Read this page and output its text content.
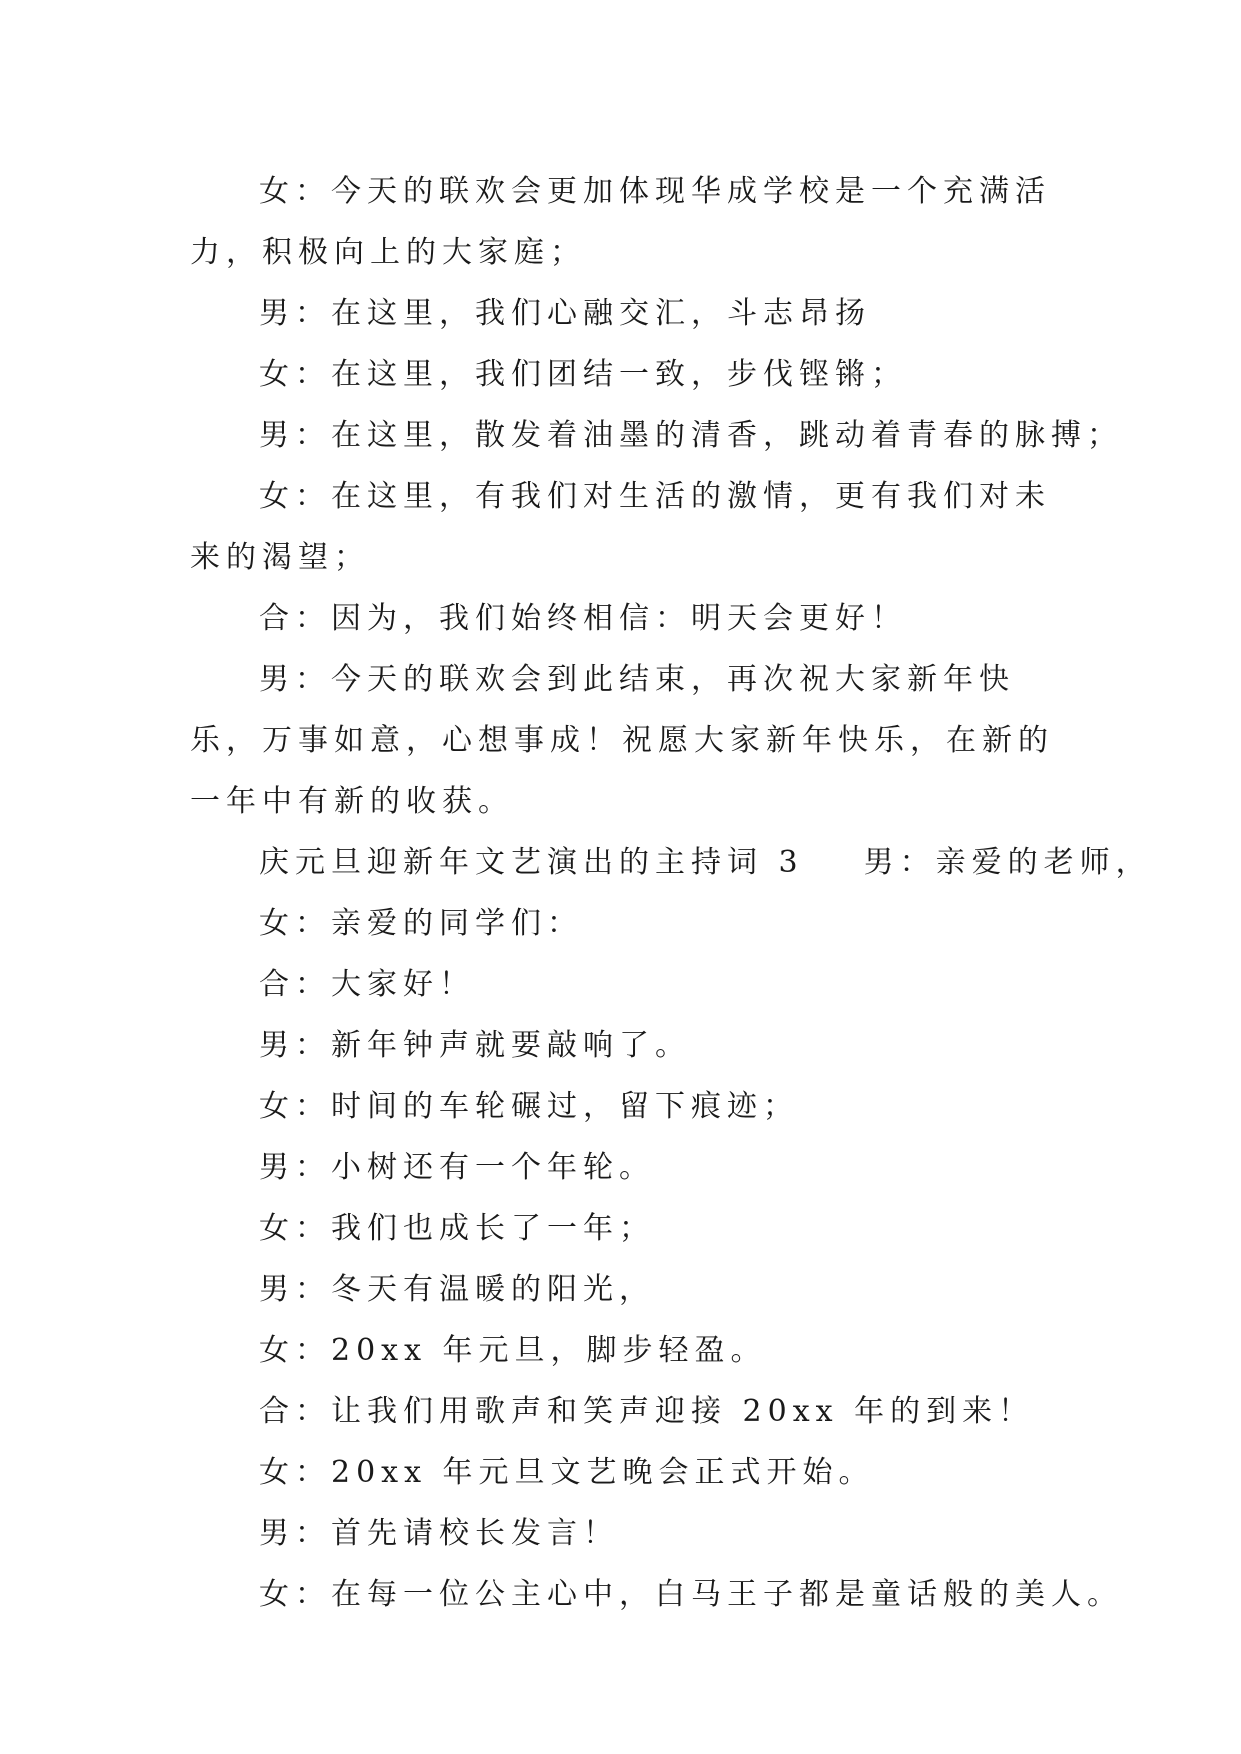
女：今天的联欢会更加体现华成学校是一个充满活力，积极向上的大家庭；

男：在这里，我们心融交汇，斗志昂扬

女：在这里，我们团结一致，步伐铿锵；

男：在这里，散发着油墨的清香，跳动着青春的脉搏；

女：在这里，有我们对生活的激情，更有我们对未来的渴望；

合：因为，我们始终相信：明天会更好！

男：今天的联欢会到此结束，再次祝大家新年快乐，万事如意，心想事成！祝愿大家新年快乐，在新的一年中有新的收获。

庆元旦迎新年文艺演出的主持词 3 男：亲爱的老师，

女：亲爱的同学们：

合：大家好！

男：新年钟声就要敲响了。

女：时间的车轮碾过，留下痕迹；

男：小树还有一个年轮。

女：我们也成长了一年；

男：冬天有温暖的阳光，

女：20xx 年元旦，脚步轻盈。

合：让我们用歌声和笑声迎接 20xx 年的到来！

女：20xx 年元旦文艺晚会正式开始。

男：首先请校长发言！

女：在每一位公主心中，白马王子都是童话般的美人。
